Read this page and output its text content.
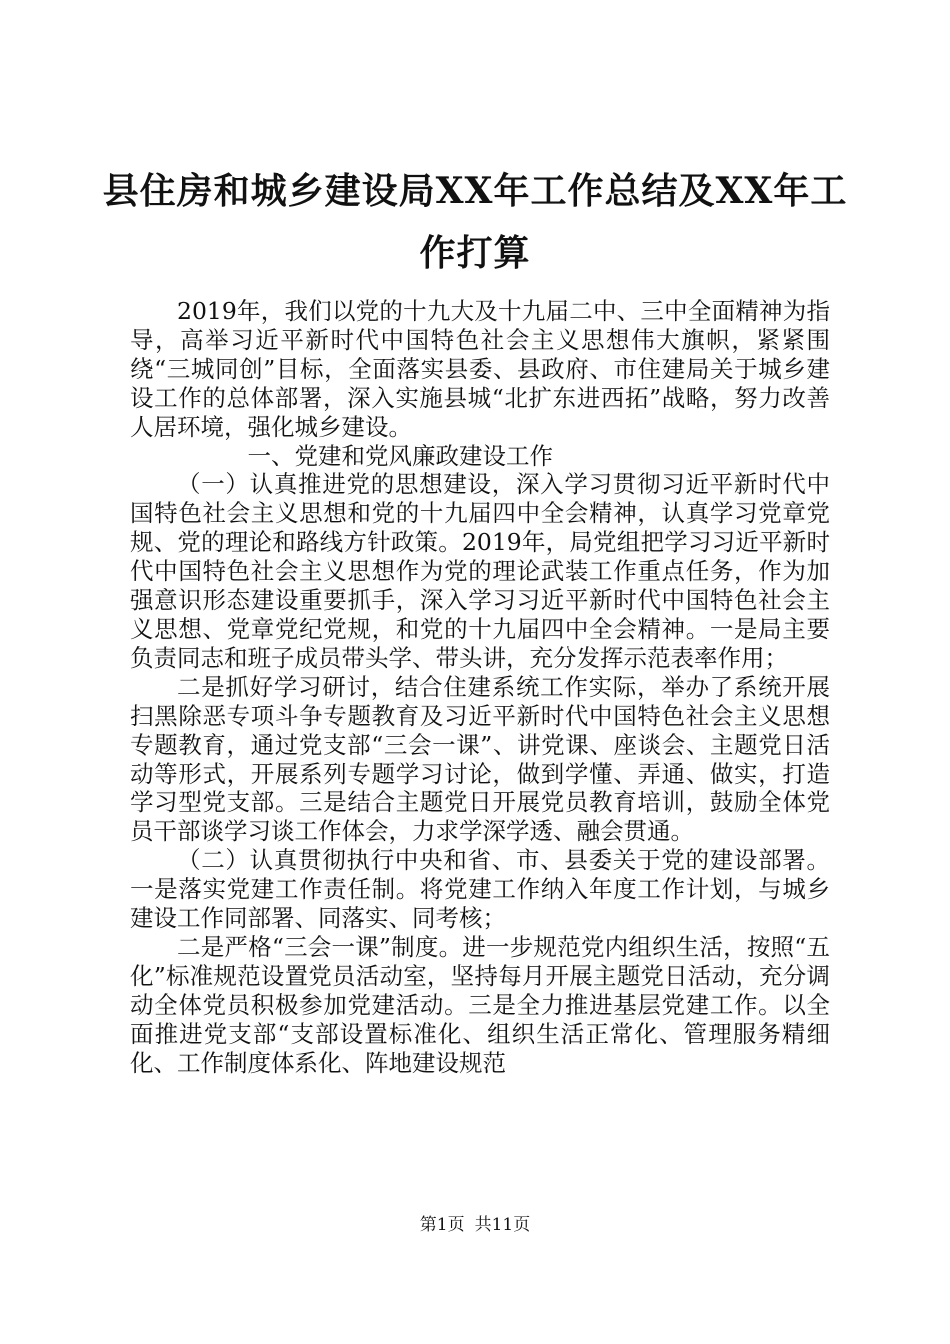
县住房和城乡建设局XX年工作总结及XX年工
作打算

2019年，我们以党的十九大及十九届二中、三中全面精神为指导，高举习近平新时代中国特色社会主义思想伟大旗帜，紧紧围绕“三城同创”目标，全面落实县委、县政府、市住建局关于城乡建设工作的总体部署，深入实施县城“北扩东进西拓”战略，努力改善人居环境，强化城乡建设。

一、党建和党风廉政建设工作

（一）认真推进党的思想建设，深入学习贯彻习近平新时代中国特色社会主义思想和党的十九届四中全会精神，认真学习党章党规、党的理论和路线方针政策。2019年，局党组把学习习近平新时代中国特色社会主义思想作为党的理论武装工作重点任务，作为加强意识形态建设重要抓手，深入学习习近平新时代中国特色社会主义思想、党章党纪党规，和党的十九届四中全会精神。一是局主要负责同志和班子成员带头学、带头讲，充分发挥示范表率作用；

二是抓好学习研讨，结合住建系统工作实际，举办了系统开展扫黑除恶专项斗争专题教育及习近平新时代中国特色社会主义思想专题教育，通过党支部“三会一课”、讲党课、座谈会、主题党日活动等形式，开展系列专题学习讨论，做到学懂、弄通、做实，打造学习型党支部。三是结合主题党日开展党员教育培训，鼓励全体党员干部谈学习谈工作体会，力求学深学透、融会贯通。

（二）认真贯彻执行中央和省、市、县委关于党的建设部署。一是落实党建工作责任制。将党建工作纳入年度工作计划，与城乡建设工作同部署、同落实、同考核；

二是严格“三会一课”制度。进一步规范党内组织生活，按照“五化”标准规范设置党员活动室，坚持每月开展主题党日活动，充分调动全体党员积极参加党建活动。三是全力推进基层党建工作。以全面推进党支部“支部设置标准化、组织生活正常化、管理服务精细化、工作制度体系化、阵地建设规范

第1页 共11页
